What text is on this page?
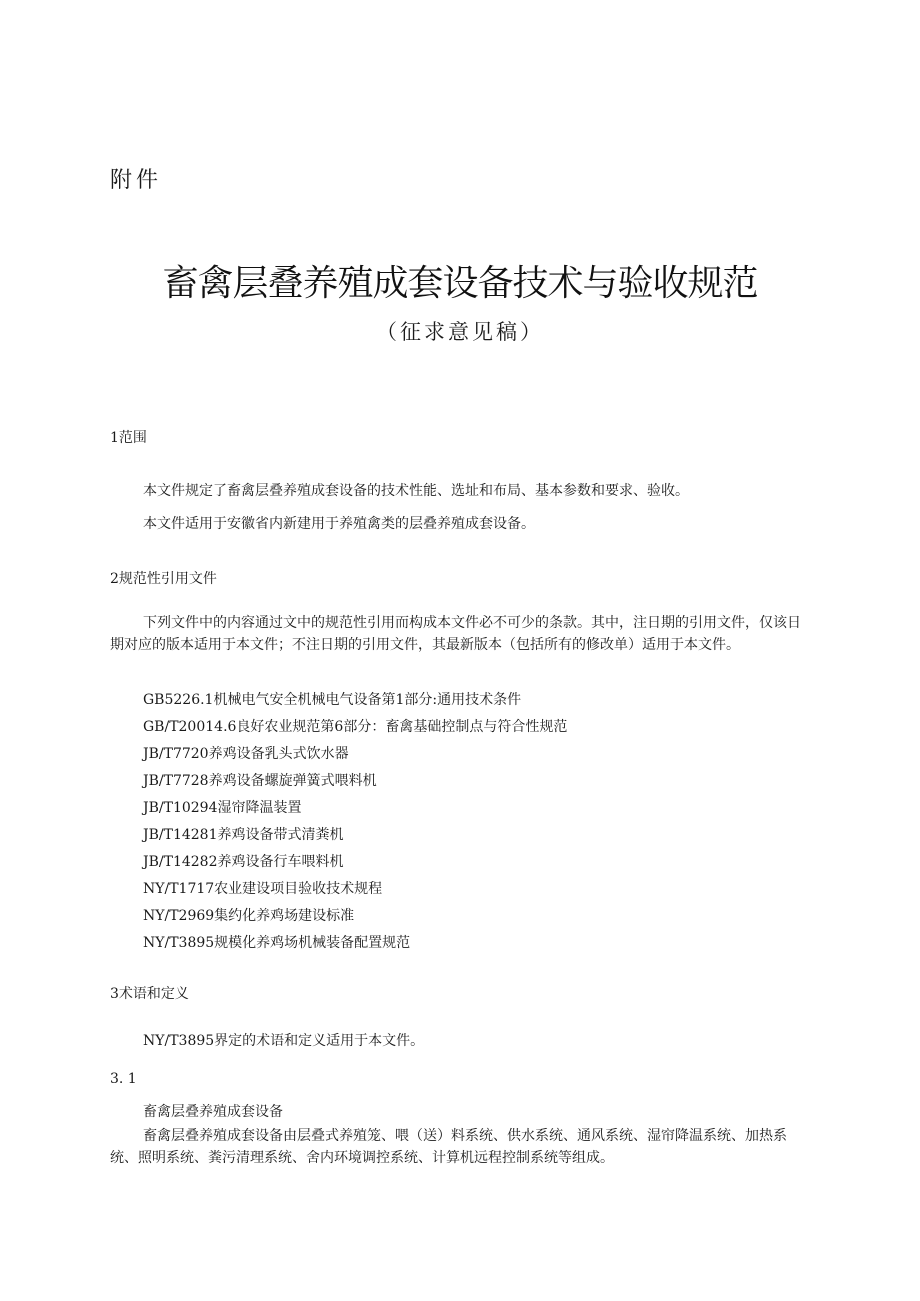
附件
畜禽层叠养殖成套设备技术与验收规范
（征求意见稿）
1范围
本文件规定了畜禽层叠养殖成套设备的技术性能、选址和布局、基本参数和要求、验收。
本文件适用于安徽省内新建用于养殖禽类的层叠养殖成套设备。
2规范性引用文件
下列文件中的内容通过文中的规范性引用而构成本文件必不可少的条款。其中，注日期的引用文件，仅该日期对应的版本适用于本文件；不注日期的引用文件，其最新版本（包括所有的修改单）适用于本文件。
GB5226.1机械电气安全机械电气设备第1部分:通用技术条件
GB/T20014.6良好农业规范第6部分：畜禽基础控制点与符合性规范
JB/T7720养鸡设备乳头式饮水器
JB/T7728养鸡设备螺旋弹簧式喂料机
JB/T10294湿帘降温装置
JB/T14281养鸡设备带式清粪机
JB/T14282养鸡设备行车喂料机
NY/T1717农业建设项目验收技术规程
NY/T2969集约化养鸡场建设标准
NY/T3895规模化养鸡场机械装备配置规范
3术语和定义
NY/T3895界定的术语和定义适用于本文件。
3. 1
畜禽层叠养殖成套设备
畜禽层叠养殖成套设备由层叠式养殖笼、喂（送）料系统、供水系统、通风系统、湿帘降温系统、加热系统、照明系统、粪污清理系统、舍内环境调控系统、计算机远程控制系统等组成。
